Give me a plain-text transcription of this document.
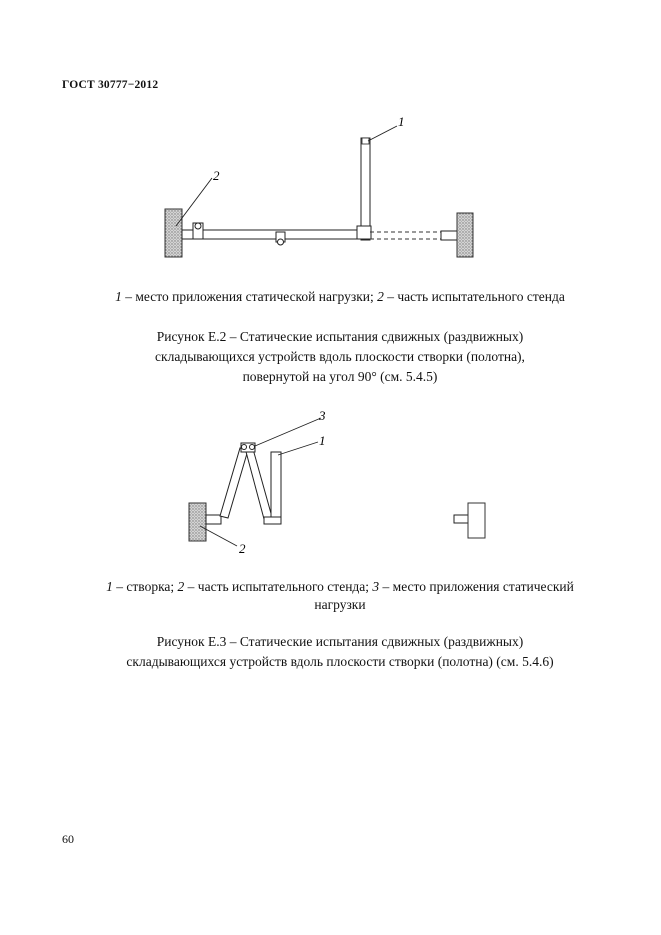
ГОСТ 30777−2012
1
2
1 – место приложения статической нагрузки; 2 – часть испытательного стенда
Рисунок Е.2 – Статические испытания сдвижных (раздвижных)
складывающихся устройств вдоль плоскости створки (полотна),
повернутой на угол 90° (см. 5.4.5)
3
1
2
1 – створка; 2 – часть испытательного стенда; 3 – место приложения статический
нагрузки
Рисунок Е.3 – Статические испытания сдвижных (раздвижных)
складывающихся устройств вдоль плоскости створки (полотна) (см. 5.4.6)
60
